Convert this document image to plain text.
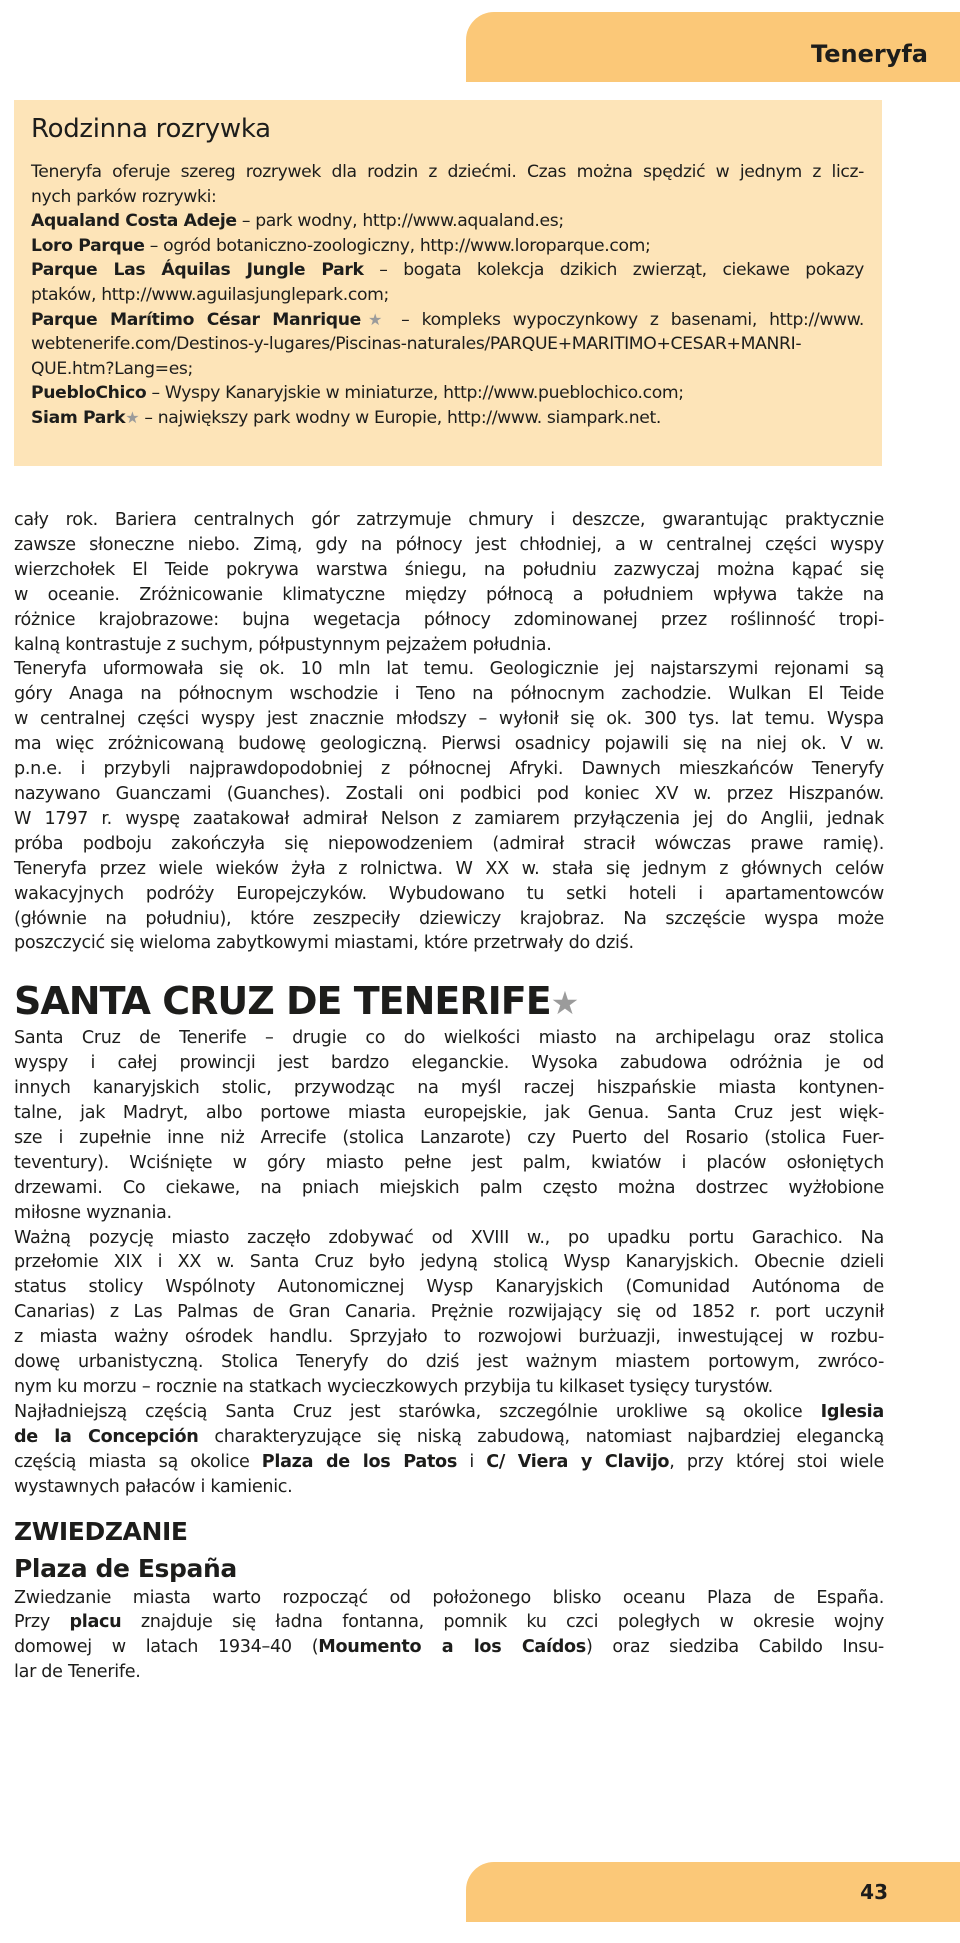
Teneryfa
Rodzinna rozrywka

Teneryfa oferuje szereg rozrywek dla rodzin z dziećmi. Czas można spędzić w jednym z licz-
nych parków rozrywki:
Aqualand Costa Adeje – park wodny, http://www.aqualand.es;
Loro Parque – ogród botaniczno-zoologiczny, http://www.loroparque.com;
Parque Las Áquilas Jungle Park – bogata kolekcja dzikich zwierząt, ciekawe pokazy
ptaków, http://www.aguilasjunglepark.com;
Parque Marítimo César Manrique★ – kompleks wypoczynkowy z basenami, http://www.
webtenerife.com/Destinos-y-lugares/Piscinas-naturales/PARQUE+MARITIMO+CESAR+MANRI-
QUE.htm?Lang=es;
PuebloChico – Wyspy Kanaryjskie w miniaturze, http://www.pueblochico.com;
Siam Park★ – największy park wodny w Europie, http://www. siampark.net.

cały rok. Bariera centralnych gór zatrzymuje chmury i deszcze, gwarantując praktycznie
zawsze słoneczne niebo. Zimą, gdy na północy jest chłodniej, a w centralnej części wyspy
wierzchołek El Teide pokrywa warstwa śniegu, na południu zazwyczaj można kąpać się
w oceanie. Zróżnicowanie klimatyczne między północą a południem wpływa także na
różnice krajobrazowe: bujna wegetacja północy zdominowanej przez roślinność tropi-
kalną kontrastuje z suchym, półpustynnym pejzażem południa.

Teneryfa uformowała się ok. 10 mln lat temu. Geologicznie jej najstarszymi rejonami są
góry Anaga na północnym wschodzie i Teno na północnym zachodzie. Wulkan El Teide
w centralnej części wyspy jest znacznie młodszy – wyłonił się ok. 300 tys. lat temu. Wyspa
ma więc zróżnicowaną budowę geologiczną. Pierwsi osadnicy pojawili się na niej ok. V w.
p.n.e. i przybyli najprawdopodobniej z północnej Afryki. Dawnych mieszkańców Teneryfy
nazywano Guanczami (Guanches). Zostali oni podbici pod koniec XV w. przez Hiszpanów.
W 1797 r. wyspę zaatakował admirał Nelson z zamiarem przyłączenia jej do Anglii, jednak
próba podboju zakończyła się niepowodzeniem (admirał stracił wówczas prawe ramię).
Teneryfa przez wiele wieków żyła z rolnictwa. W XX w. stała się jednym z głównych celów
wakacyjnych podróży Europejczyków. Wybudowano tu setki hoteli i apartamentowców
(głównie na południu), które zeszpeciły dziewiczy krajobraz. Na szczęście wyspa może
poszczycić się wieloma zabytkowymi miastami, które przetrwały do dziś.

SANTA CRUZ DE TENERIFE★

Santa Cruz de Tenerife – drugie co do wielkości miasto na archipelagu oraz stolica
wyspy i całej prowincji jest bardzo eleganckie. Wysoka zabudowa odróżnia je od
innych kanaryjskich stolic, przywodząc na myśl raczej hiszpańskie miasta kontynen-
talne, jak Madryt, albo portowe miasta europejskie, jak Genua. Santa Cruz jest więk-
sze i zupełnie inne niż Arrecife (stolica Lanzarote) czy Puerto del Rosario (stolica Fuer-
teventury). Wciśnięte w góry miasto pełne jest palm, kwiatów i placów osłoniętych
drzewami. Co ciekawe, na pniach miejskich palm często można dostrzec wyżłobione
miłosne wyznania.

Ważną pozycję miasto zaczęło zdobywać od XVIII w., po upadku portu Garachico. Na
przełomie XIX i XX w. Santa Cruz było jedyną stolicą Wysp Kanaryjskich. Obecnie dzieli
status stolicy Wspólnoty Autonomicznej Wysp Kanaryjskich (Comunidad Autónoma de
Canarias) z Las Palmas de Gran Canaria. Prężnie rozwijający się od 1852 r. port uczynił
z miasta ważny ośrodek handlu. Sprzyjało to rozwojowi burżuazji, inwestującej w rozbu-
dowę urbanistyczną. Stolica Teneryfy do dziś jest ważnym miastem portowym, zwróco-
nym ku morzu – rocznie na statkach wycieczkowych przybija tu kilkaset tysięcy turystów.

Najładniejszą częścią Santa Cruz jest starówka, szczególnie urokliwe są okolice Iglesia
de la Concepción charakteryzujące się niską zabudową, natomiast najbardziej elegancką
częścią miasta są okolice Plaza de los Patos i C/ Viera y Clavijo, przy której stoi wiele
wystawnych pałaców i kamienic.

ZWIEDZANIE
Plaza de España

Zwiedzanie miasta warto rozpocząć od położonego blisko oceanu Plaza de España.
Przy placu znajduje się ładna fontanna, pomnik ku czci poległych w okresie wojny
domowej w latach 1934–40 (Moumento a los Caídos) oraz siedziba Cabildo Insu-
lar de Tenerife.

43
